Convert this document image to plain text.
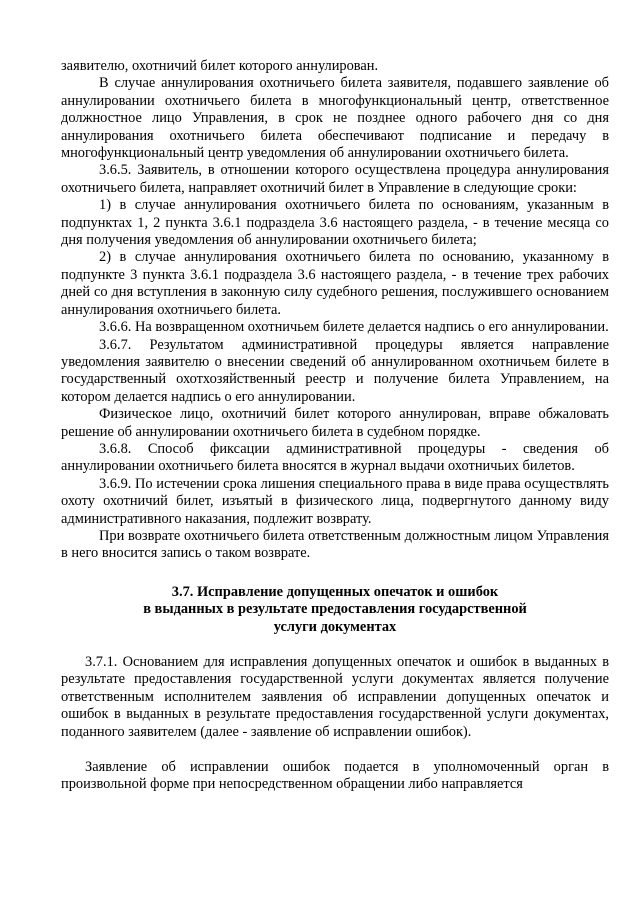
заявителю, охотничий билет которого аннулирован.

В случае аннулирования охотничьего билета заявителя, подавшего заявление об аннулировании охотничьего билета в многофункциональный центр, ответственное должностное лицо Управления, в срок не позднее одного рабочего дня со дня аннулирования охотничьего билета обеспечивают подписание и передачу в многофункциональный центр уведомления об аннулировании охотничьего билета.

3.6.5. Заявитель, в отношении которого осуществлена процедура аннулирования охотничьего билета, направляет охотничий билет в Управление в следующие сроки:

1) в случае аннулирования охотничьего билета по основаниям, указанным в подпунктах 1, 2 пункта 3.6.1 подраздела 3.6 настоящего раздела, - в течение месяца со дня получения уведомления об аннулировании охотничьего билета;

2) в случае аннулирования охотничьего билета по основанию, указанному в подпункте 3 пункта 3.6.1 подраздела 3.6 настоящего раздела, - в течение трех рабочих дней со дня вступления в законную силу судебного решения, послужившего основанием аннулирования охотничьего билета.

3.6.6. На возвращенном охотничьем билете делается надпись о его аннулировании.

3.6.7. Результатом административной процедуры является направление уведомления заявителю о внесении сведений об аннулированном охотничьем билете в государственный охотхозяйственный реестр и получение билета Управлением, на котором делается надпись о его аннулировании.

Физическое лицо, охотничий билет которого аннулирован, вправе обжаловать решение об аннулировании охотничьего билета в судебном порядке.

3.6.8. Способ фиксации административной процедуры - сведения об аннулировании охотничьего билета вносятся в журнал выдачи охотничьих билетов.

3.6.9. По истечении срока лишения специального права в виде права осуществлять охоту охотничий билет, изъятый в физического лица, подвергнутого данному виду административного наказания, подлежит возврату.

При возврате охотничьего билета ответственным должностным лицом Управления в него вносится запись о таком возврате.

3.7. Исправление допущенных опечаток и ошибок
в выданных в результате предоставления государственной
услуги документах

3.7.1. Основанием для исправления допущенных опечаток и ошибок в выданных в результате предоставления государственной услуги документах является получение ответственным исполнителем заявления об исправлении допущенных опечаток и ошибок в выданных в результате предоставления государственной услуги документах, поданного заявителем (далее - заявление об исправлении ошибок).

Заявление об исправлении ошибок подается в уполномоченный орган в произвольной форме при непосредственном обращении либо направляется
